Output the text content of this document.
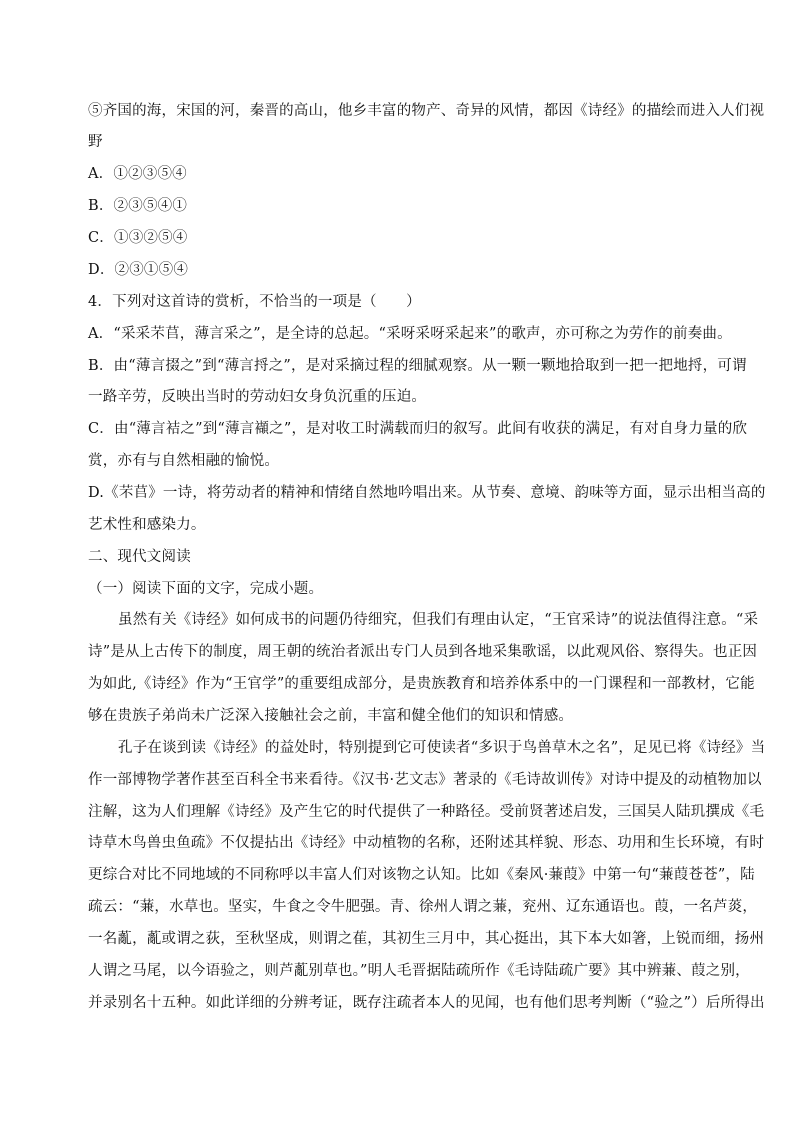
⑤齐国的海，宋国的河，秦晋的高山，他乡丰富的物产、奇异的风情，都因《诗经》的描绘而进入人们视
野
A．①②③⑤④
B．②③⑤④①
C．①③②⑤④
D．②③①⑤④
4．下列对这首诗的赏析，不恰当的一项是（　　）
A．“采采芣苢，薄言采之”，是全诗的总起。“采呀采呀采起来”的歌声，亦可称之为劳作的前奏曲。
B．由“薄言掇之”到“薄言捋之”，是对采摘过程的细腻观察。从一颗一颗地拾取到一把一把地捋，可谓
一路辛劳，反映出当时的劳动妇女身负沉重的压迫。
C．由“薄言袺之”到“薄言襭之”，是对收工时满载而归的叙写。此间有收获的满足，有对自身力量的欣
赏，亦有与自然相融的愉悦。
D.《芣苢》一诗，将劳动者的精神和情绪自然地吟唱出来。从节奏、意境、韵味等方面，显示出相当高的
艺术性和感染力。
二、现代文阅读
（一）阅读下面的文字，完成小题。
虽然有关《诗经》如何成书的问题仍待细究，但我们有理由认定，“王官采诗”的说法值得注意。“采
诗”是从上古传下的制度，周王朝的统治者派出专门人员到各地采集歌谣，以此观风俗、察得失。也正因
为如此,《诗经》作为“王官学”的重要组成部分，是贵族教育和培养体系中的一门课程和一部教材，它能
够在贵族子弟尚未广泛深入接触社会之前，丰富和健全他们的知识和情感。
孔子在谈到读《诗经》的益处时，特别提到它可使读者“多识于鸟兽草木之名”，足见已将《诗经》当
作一部博物学著作甚至百科全书来看待。《汉书·艺文志》著录的《毛诗故训传》对诗中提及的动植物加以
注解，这为人们理解《诗经》及产生它的时代提供了一种路径。受前贤著述启发，三国吴人陆玑撰成《毛
诗草木鸟兽虫鱼疏》不仅提拈出《诗经》中动植物的名称，还附述其样貌、形态、功用和生长环境，有时
更综合对比不同地域的不同称呼以丰富人们对该物之认知。比如《秦风·蒹葭》中第一句“蒹葭苍苍”，陆
疏云：“蒹，水草也。坚实，牛食之令牛肥强。青、徐州人谓之蒹，兖州、辽东通语也。葭，一名芦菼，
一名薍，薍或谓之荻，至秋坚成，则谓之萑，其初生三月中，其心挺出，其下本大如箸，上锐而细，扬州
人谓之马尾，以今语验之，则芦薍别草也。”明人毛晋据陆疏所作《毛诗陆疏广要》其中辨蒹、葭之别，
并录别名十五种。如此详细的分辨考证，既存注疏者本人的见闻，也有他们思考判断（“验之”）后所得出
